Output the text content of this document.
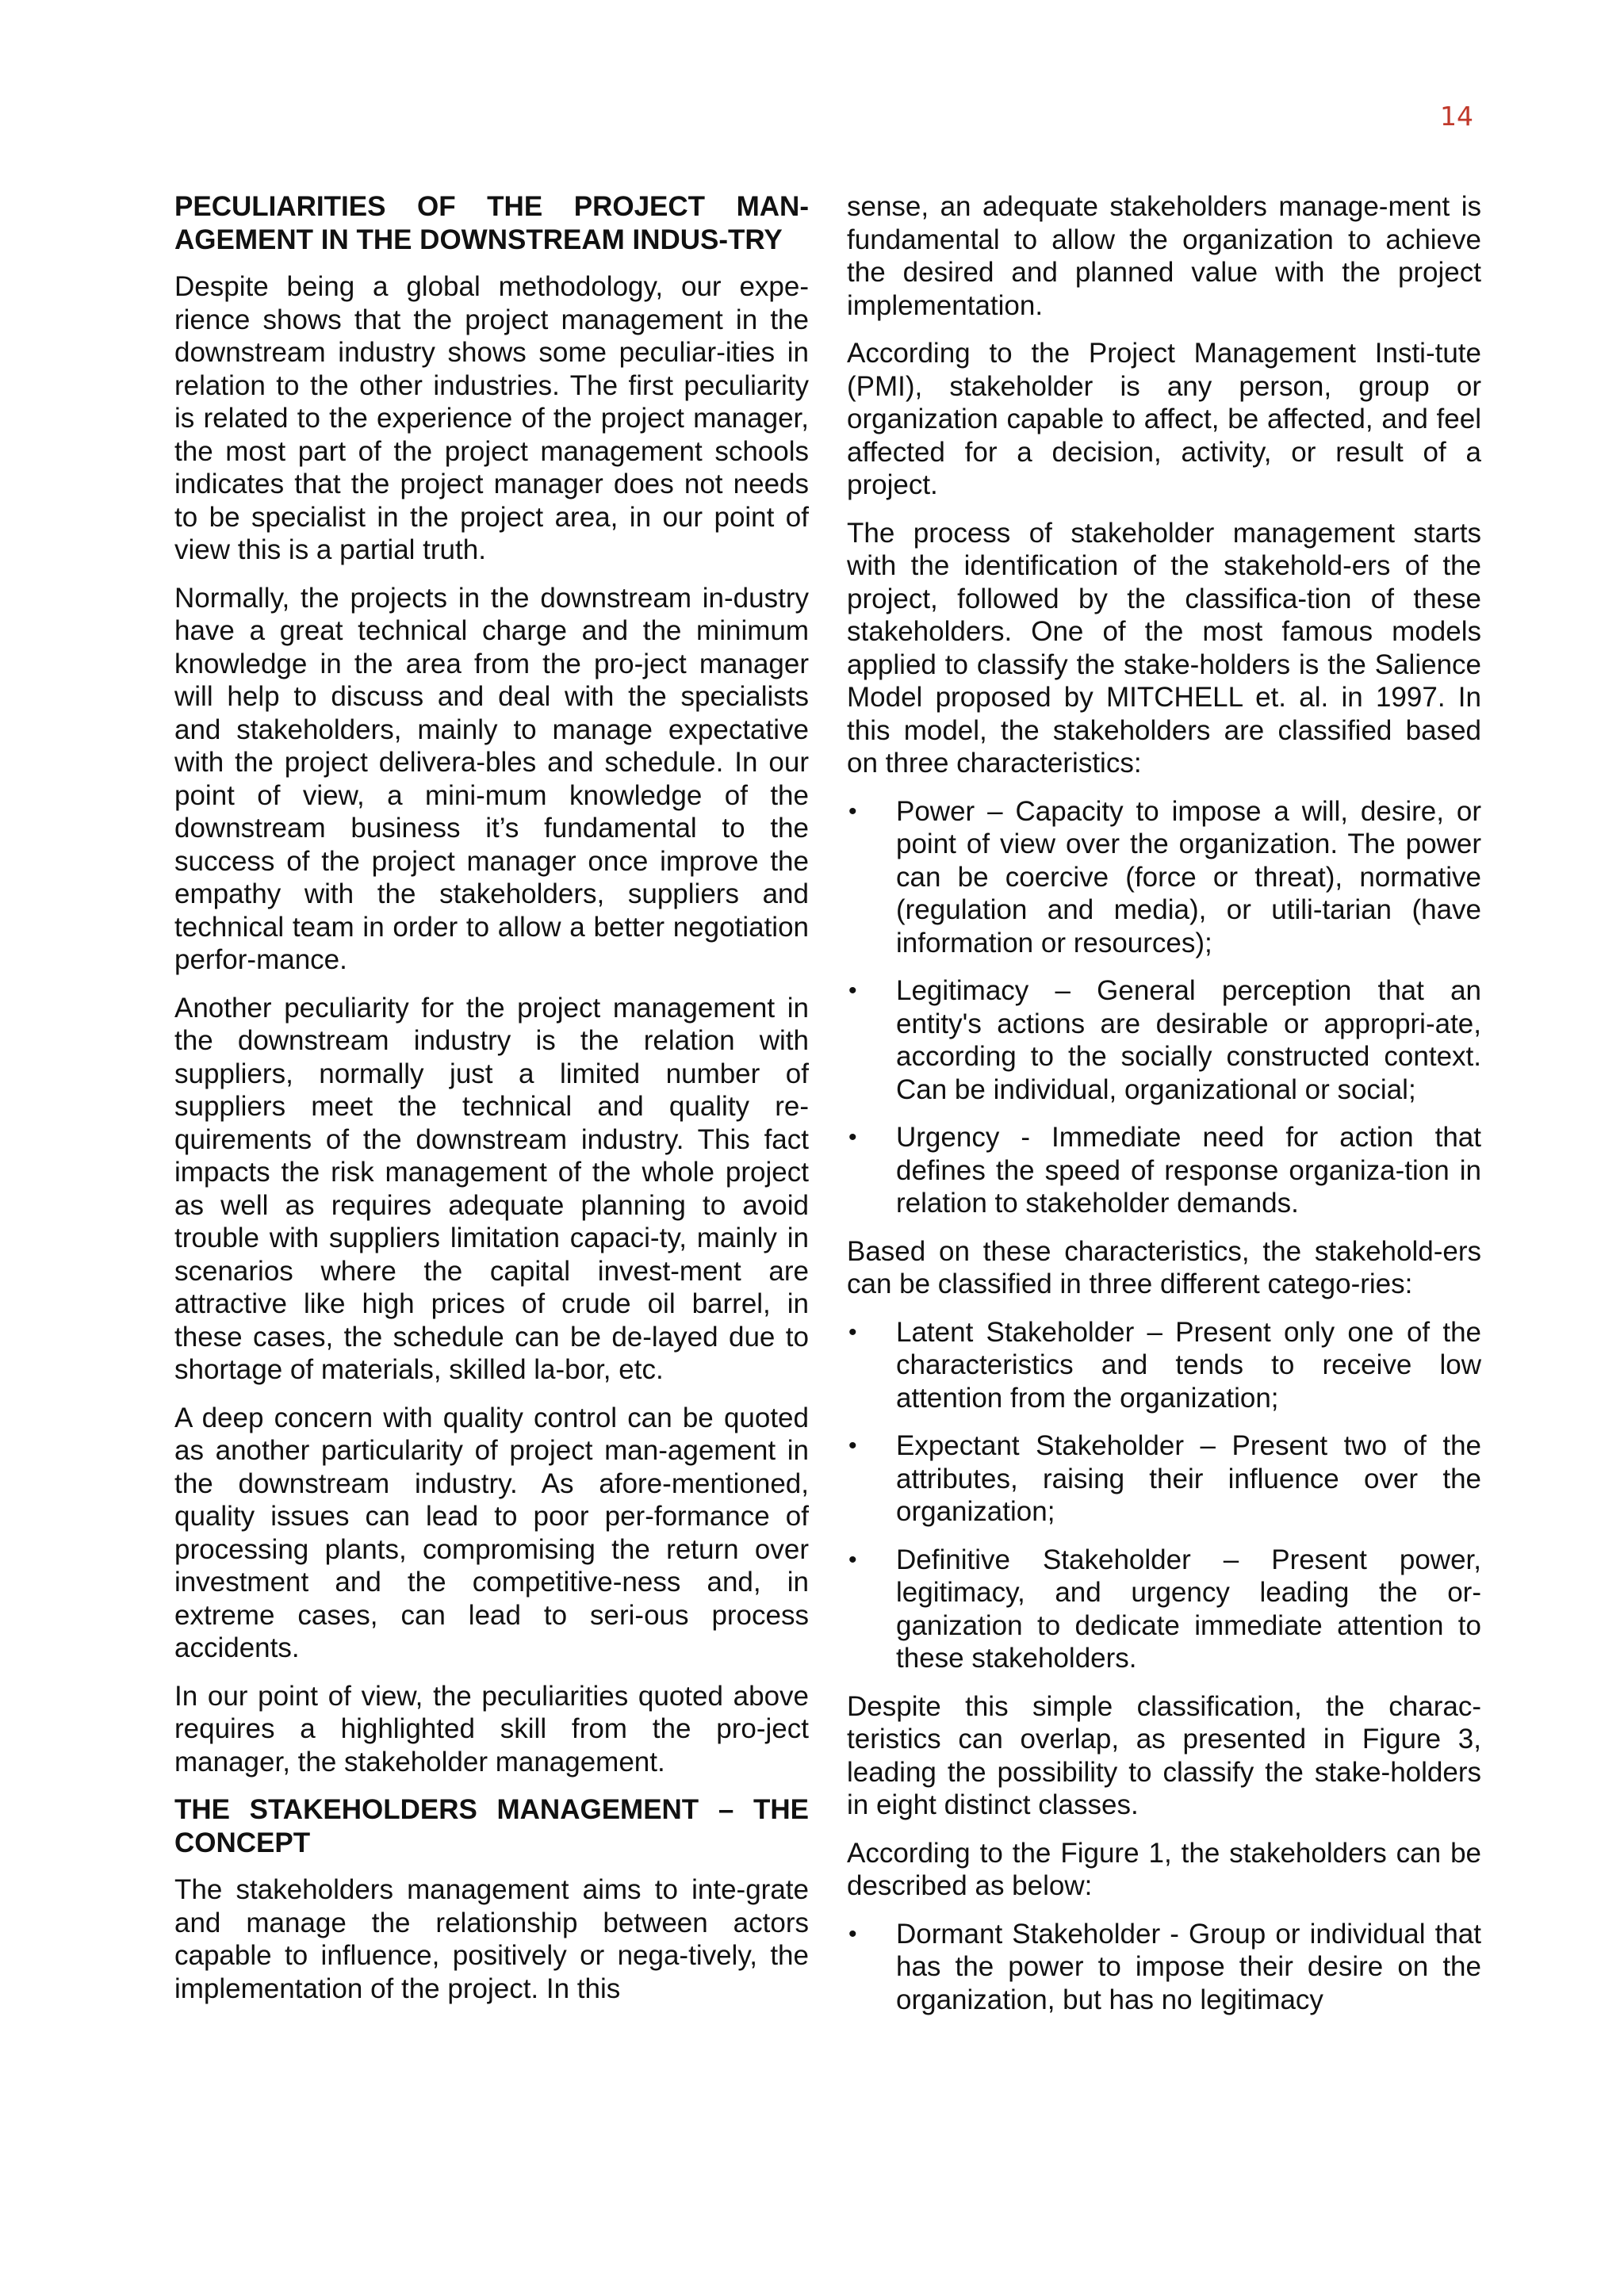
14
PECULIARITIES OF THE PROJECT MAN-AGEMENT IN THE DOWNSTREAM INDUS-TRY

Despite being a global methodology, our expe-rience shows that the project management in the downstream industry shows some peculiar-ities in relation to the other industries. The first peculiarity is related to the experience of the project manager, the most part of the project management schools indicates that the project manager does not needs to be specialist in the project area, in our point of view this is a partial truth.

Normally, the projects in the downstream in-dustry have a great technical charge and the minimum knowledge in the area from the pro-ject manager will help to discuss and deal with the specialists and stakeholders, mainly to manage expectative with the project delivera-bles and schedule. In our point of view, a mini-mum knowledge of the downstream business it’s fundamental to the success of the project manager once improve the empathy with the stakeholders, suppliers and technical team in order to allow a better negotiation perfor-mance.

Another peculiarity for the project management in the downstream industry is the relation with suppliers, normally just a limited number of suppliers meet the technical and quality re-quirements of the downstream industry. This fact impacts the risk management of the whole project as well as requires adequate planning to avoid trouble with suppliers limitation capaci-ty, mainly in scenarios where the capital invest-ment are attractive like high prices of crude oil barrel, in these cases, the schedule can be de-layed due to shortage of materials, skilled la-bor, etc.

A deep concern with quality control can be quoted as another particularity of project man-agement in the downstream industry. As afore-mentioned, quality issues can lead to poor per-formance of processing plants, compromising the return over investment and the competitive-ness and, in extreme cases, can lead to seri-ous process accidents.

In our point of view, the peculiarities quoted above requires a highlighted skill from the pro-ject manager, the stakeholder management.

THE STAKEHOLDERS MANAGEMENT – THE CONCEPT

The stakeholders management aims to inte-grate and manage the relationship between actors capable to influence, positively or nega-tively, the implementation of the project. In this

sense, an adequate stakeholders manage-ment is fundamental to allow the organization to achieve the desired and planned value with the project implementation.

According to the Project Management Insti-tute (PMI), stakeholder is any person, group or organization capable to affect, be affected, and feel affected for a decision, activity, or result of a project.

The process of stakeholder management starts with the identification of the stakehold-ers of the project, followed by the classifica-tion of these stakeholders. One of the most famous models applied to classify the stake-holders is the Salience Model proposed by MITCHELL et. al. in 1997. In this model, the stakeholders are classified based on three characteristics:

• Power – Capacity to impose a will, desire, or point of view over the organization. The power can be coercive (force or threat), normative (regulation and media), or utili-tarian (have information or resources);
• Legitimacy – General perception that an entity's actions are desirable or appropri-ate, according to the socially constructed context. Can be individual, organizational or social;
• Urgency - Immediate need for action that defines the speed of response organiza-tion in relation to stakeholder demands.

Based on these characteristics, the stakehold-ers can be classified in three different catego-ries:

• Latent Stakeholder – Present only one of the characteristics and tends to receive low attention from the organization;
• Expectant Stakeholder – Present two of the attributes, raising their influence over the organization;
• Definitive Stakeholder – Present power, legitimacy, and urgency leading the or-ganization to dedicate immediate attention to these stakeholders.

Despite this simple classification, the charac-teristics can overlap, as presented in Figure 3, leading the possibility to classify the stake-holders in eight distinct classes.

According to the Figure 1, the stakeholders can be described as below:

• Dormant Stakeholder - Group or individual that has the power to impose their desire on the organization, but has no legitimacy
